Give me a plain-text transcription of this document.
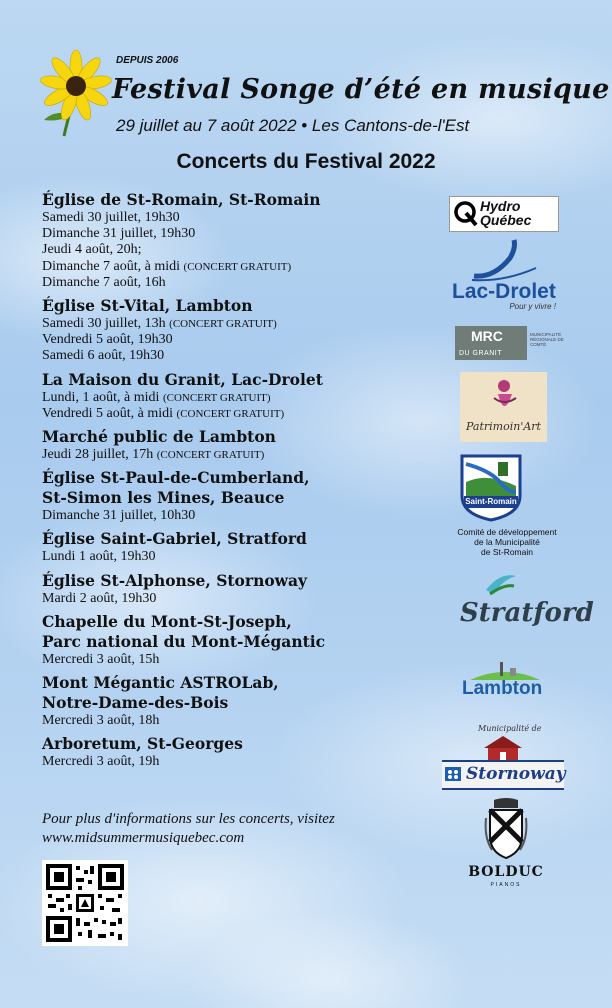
DEPUIS 2006
Festival Songe d’été en musique
29 juillet au 7 août 2022 • Les Cantons-de-l'Est
Concerts du Festival 2022
Église de St-Romain, St-Romain
Samedi 30 juillet, 19h30
Dimanche 31 juillet, 19h30
Jeudi 4 août, 20h;
Dimanche 7 août, à midi (CONCERT GRATUIT)
Dimanche 7 août, 16h
Église St-Vital, Lambton
Samedi 30 juillet, 13h (CONCERT GRATUIT)
Vendredi 5 août, 19h30
Samedi 6 août, 19h30
La Maison du Granit, Lac-Drolet
Lundi, 1 août, à midi (CONCERT GRATUIT)
Vendredi 5 août, à midi (CONCERT GRATUIT)
Marché public de Lambton
Jeudi 28 juillet, 17h (CONCERT GRATUIT)
Église St-Paul-de-Cumberland,
St-Simon les Mines, Beauce
Dimanche 31 juillet, 10h30
Église Saint-Gabriel, Stratford
Lundi 1 août, 19h30
Église St-Alphonse, Stornoway
Mardi 2 août, 19h30
Chapelle du Mont-St-Joseph,
Parc national du Mont-Mégantic
Mercredi 3 août, 15h
Mont Mégantic ASTROLab,
Notre-Dame-des-Bois
Mercredi 3 août, 18h
Arboretum, St-Georges
Mercredi 3 août, 19h
Pour plus d'informations sur les concerts, visitez
www.midsummermusiquebec.com
Hydro
Québec
Lac-Drolet
Pour y vivre !
MRC
DU GRANIT
MUNICIPALITÉ RÉGIONALE DE COMTÉ
Patrimoin'Art
Saint-Romain
Comité de développement
de la Municipalité
de St-Romain
Stratford
Lambton
Municipalité de
Stornoway
BOLDUC
PIANOS
